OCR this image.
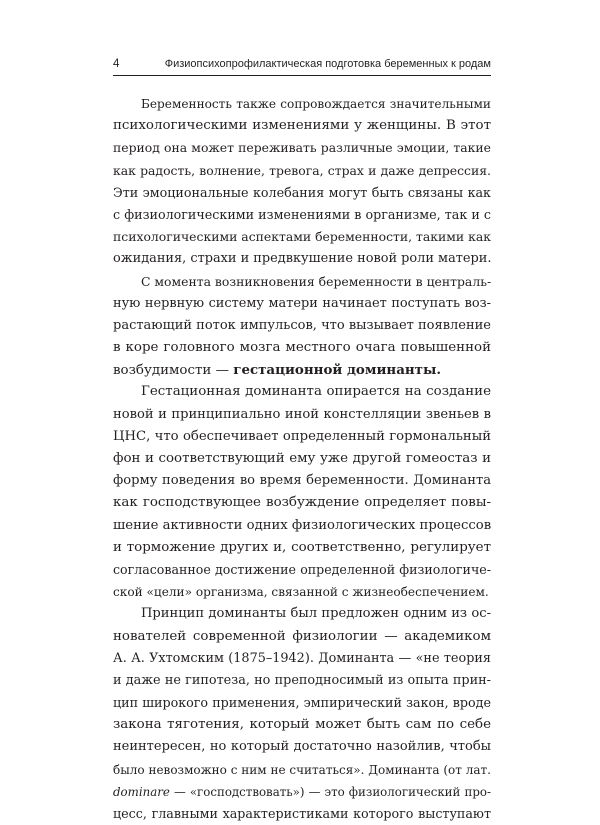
4	Физиопсихопрофилактическая подготовка беременных к родам
Беременность также сопровождается значительными
психологическими изменениями у женщины. В этот
период она может переживать различные эмоции, такие
как радость, волнение, тревога, страх и даже депрессия.
Эти эмоциональные колебания могут быть связаны как
с физиологическими изменениями в организме, так и с
психологическими аспектами беременности, такими как
ожидания, страхи и предвкушение новой роли матери.
С момента возникновения беременности в централь-
ную нервную систему матери начинает поступать воз-
растающий поток импульсов, что вызывает появление
в коре головного мозга местного очага повышенной
возбудимости — гестационной доминанты.
Гестационная доминанта опирается на создание
новой и принципиально иной констелляции звеньев в
ЦНС, что обеспечивает определенный гормональный
фон и соответствующий ему уже другой гомеостаз и
форму поведения во время беременности. Доминанта
как господствующее возбуждение определяет повы-
шение активности одних физиологических процессов
и торможение других и, соответственно, регулирует
согласованное достижение определенной физиологиче-
ской «цели» организма, связанной с жизнеобеспечением.
Принцип доминанты был предложен одним из ос-
нователей современной физиологии — академиком
А. А. Ухтомским (1875–1942). Доминанта — «не теория
и даже не гипотеза, но преподносимый из опыта прин-
цип широкого применения, эмпирический закон, вроде
закона тяготения, который может быть сам по себе
неинтересен, но который достаточно назойлив, чтобы
было невозможно с ним не считаться». Доминанта (от лат.
dominare — «господствовать») — это физиологический про-
цесс, главными характеристиками которого выступают
